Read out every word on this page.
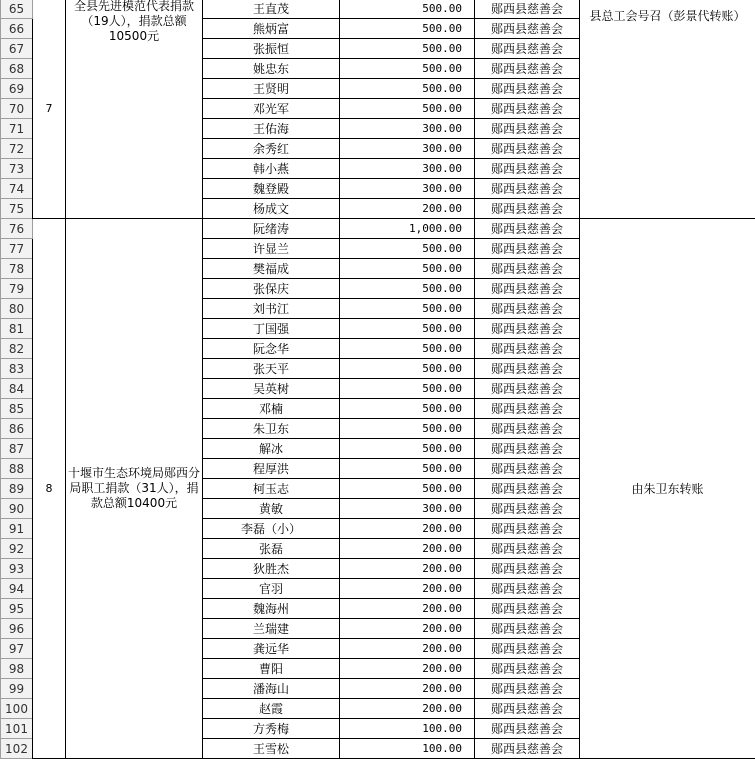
65	7	全县先进模范代表捐款（19人），捐款总额10500元	王直茂	500.00	郧西县慈善会	县总工会号召（彭景代转账）
66			熊炳富	500.00	郧西县慈善会	
67			张振恒	500.00	郧西县慈善会	
68			姚忠东	500.00	郧西县慈善会	
69			王贤明	500.00	郧西县慈善会	
70			邓光军	500.00	郧西县慈善会	
71			王佑海	300.00	郧西县慈善会	
72			余秀红	300.00	郧西县慈善会	
73			韩小燕	300.00	郧西县慈善会	
74			魏登殿	300.00	郧西县慈善会	
75			杨成文	200.00	郧西县慈善会	
76	8	十堰市生态环境局郧西分局职工捐款（31人），捐款总额10400元	阮绪涛	1,000.00	郧西县慈善会	由朱卫东转账
77			许显兰	500.00	郧西县慈善会	
78			樊福成	500.00	郧西县慈善会	
79			张保庆	500.00	郧西县慈善会	
80			刘书江	500.00	郧西县慈善会	
81			丁国强	500.00	郧西县慈善会	
82			阮念华	500.00	郧西县慈善会	
83			张天平	500.00	郧西县慈善会	
84			吴英树	500.00	郧西县慈善会	
85			邓楠	500.00	郧西县慈善会	
86			朱卫东	500.00	郧西县慈善会	
87			解冰	500.00	郧西县慈善会	
88			程厚洪	500.00	郧西县慈善会	
89			柯玉志	500.00	郧西县慈善会	
90			黄敏	300.00	郧西县慈善会	
91			李磊（小）	200.00	郧西县慈善会	
92			张磊	200.00	郧西县慈善会	
93			狄胜杰	200.00	郧西县慈善会	
94			官羽	200.00	郧西县慈善会	
95			魏海州	200.00	郧西县慈善会	
96			兰瑞建	200.00	郧西县慈善会	
97			龚远华	200.00	郧西县慈善会	
98			曹阳	200.00	郧西县慈善会	
99			潘海山	200.00	郧西县慈善会	
100			赵霞	200.00	郧西县慈善会	
101			方秀梅	100.00	郧西县慈善会	
102			王雪松	100.00	郧西县慈善会	
